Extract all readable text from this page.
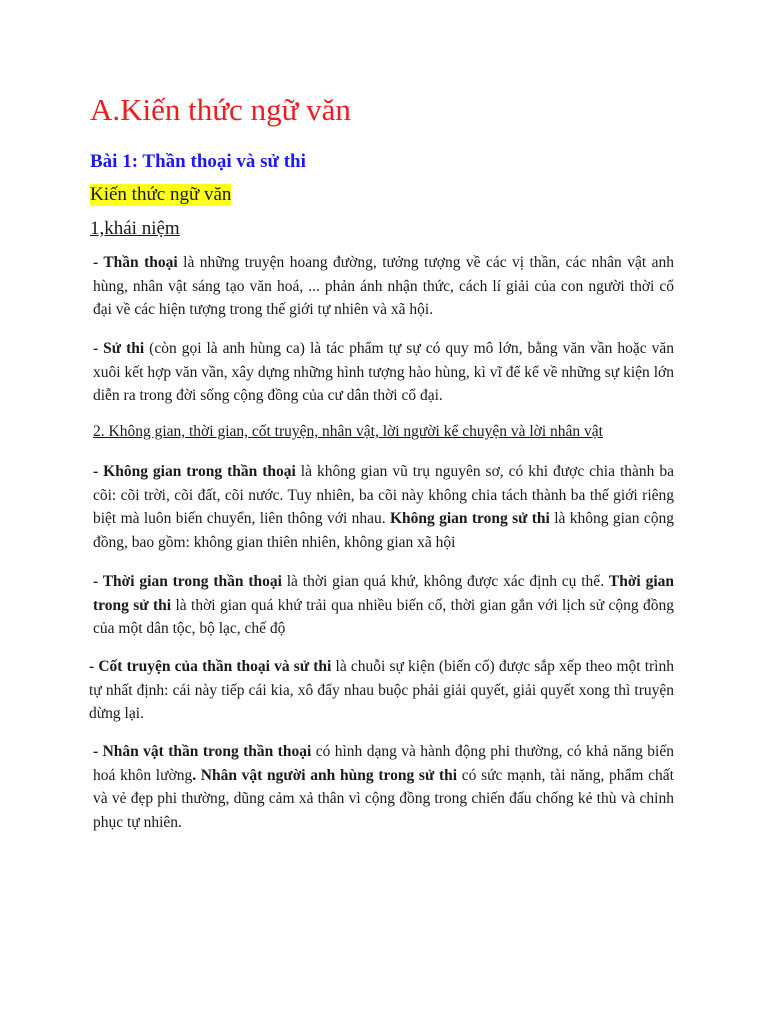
A.Kiến thức ngữ văn
Bài 1: Thần thoại và sử thi

Kiến thức ngữ văn

1,khái niệm

- Thần thoại là những truyện hoang đường, tưởng tượng về các vị thần, các nhân vật anh hùng, nhân vật sáng tạo văn hoá, ... phản ánh nhận thức, cách lí giải của con người thời cổ đại về các hiện tượng trong thế giới tự nhiên và xã hội.

- Sử thi (còn gọi là anh hùng ca) là tác phẩm tự sự có quy mô lớn, bằng văn vần hoặc văn xuôi kết hợp văn vần, xây dựng những hình tượng hào hùng, kì vĩ để kể về những sự kiện lớn diễn ra trong đời sống cộng đồng của cư dân thời cổ đại.

2. Không gian, thời gian, cốt truyện, nhân vật, lời người kể chuyện và lời nhân vật

- Không gian trong thần thoại là không gian vũ trụ nguyên sơ, có khi được chia thành ba cõi: cõi trời, cõi đất, cõi nước. Tuy nhiên, ba cõi này không chia tách thành ba thế giới riêng biệt mà luôn biến chuyển, liên thông với nhau. Không gian trong sử thi là không gian cộng đồng, bao gồm: không gian thiên nhiên, không gian xã hội

- Thời gian trong thần thoại là thời gian quá khứ, không được xác định cụ thể. Thời gian trong sử thi là thời gian quá khứ trải qua nhiều biến cố, thời gian gắn với lịch sử cộng đồng của một dân tộc, bộ lạc, chế độ

- Cốt truyện của thần thoại và sử thi là chuỗi sự kiện (biến cố) được sắp xếp theo một trình tự nhất định: cái này tiếp cái kia, xô đẩy nhau buộc phải giải quyết, giải quyết xong thì truyện dừng lại.

- Nhân vật thần trong thần thoại có hình dạng và hành động phi thường, có khả năng biến hoá khôn lường. Nhân vật người anh hùng trong sử thi có sức mạnh, tài năng, phẩm chất và vẻ đẹp phi thường, dũng cảm xả thân vì cộng đồng trong chiến đấu chống kẻ thù và chinh phục tự nhiên.
